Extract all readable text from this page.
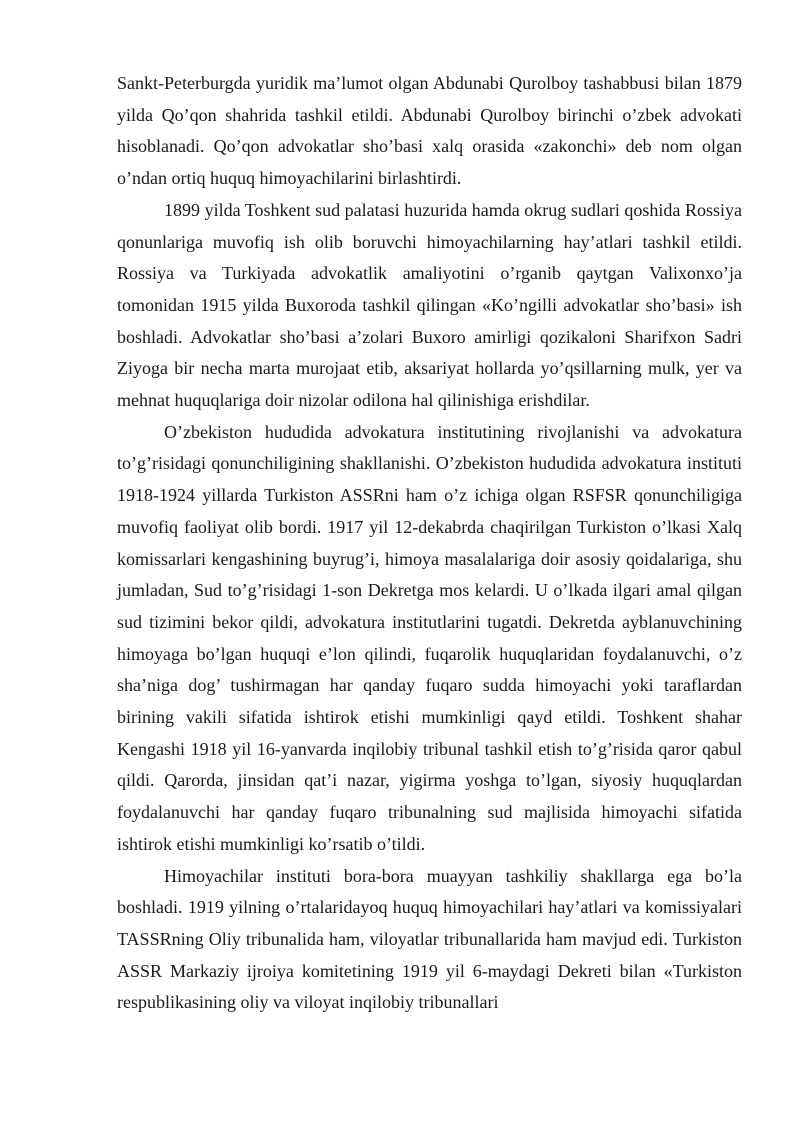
Sankt-Peterburgda yuridik ma’lumot olgan Abdunabi Qurolboy tashabbusi bilan 1879 yilda Qo’qon shahrida tashkil etildi. Abdunabi Qurolboy birinchi o’zbek advokati hisoblanadi. Qo’qon advokatlar sho’basi xalq orasida «zakonchi» deb nom olgan o’ndan ortiq huquq himoyachilarini birlashtirdi.

1899 yilda Toshkent sud palatasi huzurida hamda okrug sudlari qoshida Rossiya qonunlariga muvofiq ish olib boruvchi himoyachilarning hay’atlari tashkil etildi. Rossiya va Turkiyada advokatlik amaliyotini o’rganib qaytgan Valixonxo’ja tomonidan 1915 yilda Buxoroda tashkil qilingan «Ko’ngilli advokatlar sho’basi» ish boshladi. Advokatlar sho’basi a’zolari Buxoro amirligi qozikaloni Sharifxon Sadri Ziyoga bir necha marta murojaat etib, aksariyat hollarda yo’qsillarning mulk, yer va mehnat huquqlariga doir nizolar odilona hal qilinishiga erishdilar.

O’zbekiston hududida advokatura institutining rivojlanishi va advokatura to’g’risidagi qonunchiligining shakllanishi. O’zbekiston hududida advokatura instituti 1918-1924 yillarda Turkiston ASSRni ham o’z ichiga olgan RSFSR qonunchiligiga muvofiq faoliyat olib bordi. 1917 yil 12-dekabrda chaqirilgan Turkiston o’lkasi Xalq komissarlari kengashining buyrug’i, himoya masalalariga doir asosiy qoidalariga, shu jumladan, Sud to’g’risidagi 1-son Dekretga mos kelardi. U o’lkada ilgari amal qilgan sud tizimini bekor qildi, advokatura institutlarini tugatdi. Dekretda ayblanuvchining himoyaga bo’lgan huquqi e’lon qilindi, fuqarolik huquqlaridan foydalanuvchi, o’z sha’niga dog’ tushirmagan har qanday fuqaro sudda himoyachi yoki taraflardan birining vakili sifatida ishtirok etishi mumkinligi qayd etildi. Toshkent shahar Kengashi 1918 yil 16-yanvarda inqilobiy tribunal tashkil etish to’g’risida qaror qabul qildi. Qarorda, jinsidan qat’i nazar, yigirma yoshga to’lgan, siyosiy huquqlardan foydalanuvchi har qanday fuqaro tribunalning sud majlisida himoyachi sifatida ishtirok etishi mumkinligi ko’rsatib o’tildi.

Himoyachilar instituti bora-bora muayyan tashkiliy shakllarga ega bo’la boshladi. 1919 yilning o’rtalaridayoq huquq himoyachilari hay’atlari va komissiyalari TASSRning Oliy tribunalida ham, viloyatlar tribunallarida ham mavjud edi. Turkiston ASSR Markaziy ijroiya komitetining 1919 yil 6-maydagi Dekreti bilan «Turkiston respublikasining oliy va viloyat inqilobiy tribunallari
